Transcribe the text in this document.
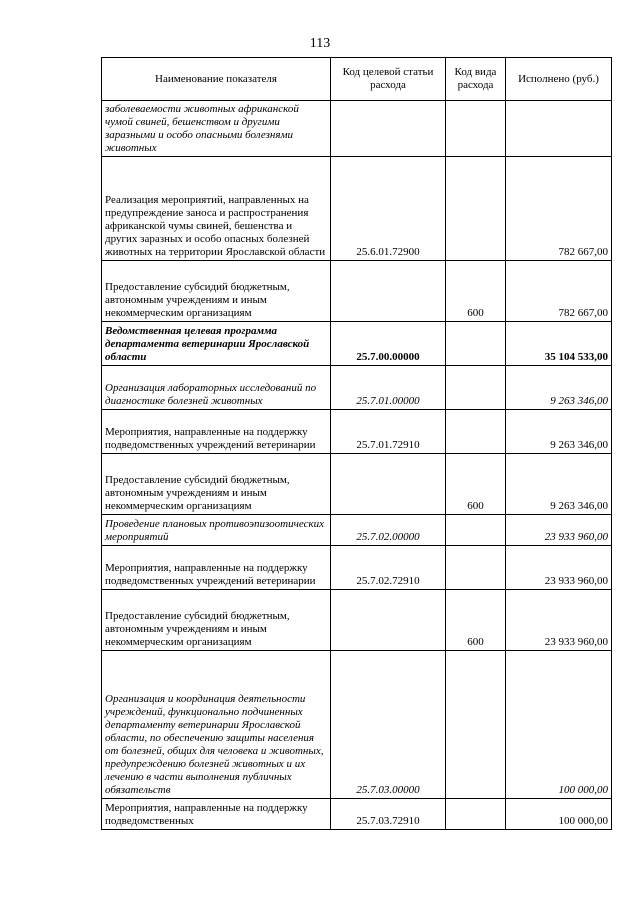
113
Наименование показателя	Код целевой статьи расхода	Код вида расхода	Исполнено (руб.)
заболеваемости животных африканской чумой свиней, бешенством и другими заразными и особо опасными болезнями животных			
Реализация мероприятий, направленных на предупреждение заноса и распространения африканской чумы свиней, бешенства и других заразных и особо опасных болезней животных на территории Ярославской области	25.6.01.72900		782 667,00
Предоставление субсидий бюджетным, автономным учреждениям и иным некоммерческим организациям		600	782 667,00
Ведомственная целевая программа департамента ветеринарии Ярославской области	25.7.00.00000		35 104 533,00
Организация лабораторных исследований по диагностике болезней животных	25.7.01.00000		9 263 346,00
Мероприятия, направленные на поддержку подведомственных учреждений ветеринарии	25.7.01.72910		9 263 346,00
Предоставление субсидий бюджетным, автономным учреждениям и иным некоммерческим организациям		600	9 263 346,00
Проведение плановых противоэпизоотических мероприятий	25.7.02.00000		23 933 960,00
Мероприятия, направленные на поддержку подведомственных учреждений ветеринарии	25.7.02.72910		23 933 960,00
Предоставление субсидий бюджетным, автономным учреждениям и иным некоммерческим организациям		600	23 933 960,00
Организация и координация деятельности учреждений, функционально подчиненных департаменту ветеринарии Ярославской области, по обеспечению защиты населения от болезней, общих для человека и животных, предупреждению болезней животных и их лечению в части выполнения публичных обязательств	25.7.03.00000		100 000,00
Мероприятия, направленные на поддержку подведомственных	25.7.03.72910		100 000,00
